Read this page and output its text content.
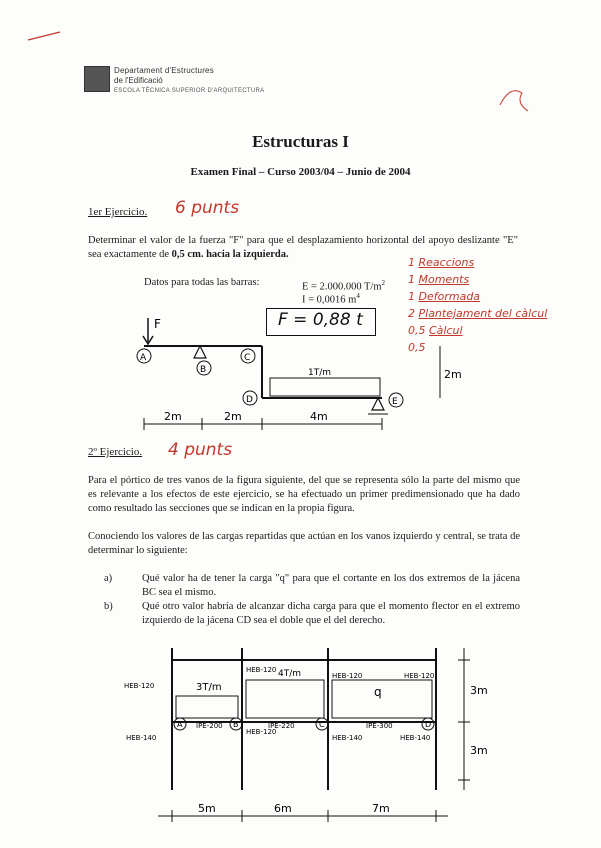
Departament d'Estructures
de l'Edificació
ESCOLA TÈCNICA SUPERIOR D'ARQUITECTURA
Estructuras I
Examen Final – Curso 2003/04 – Junio de 2004
1er Ejercicio. 6 punts
Determinar el valor de la fuerza "F" para que el desplazamiento horizontal del apoyo deslizante "E" sea exactamente de 0,5 cm. hacia la izquierda.
Datos para todas las barras:	E = 2.000.000 $T/m^2$
I = 0,0016 $m^4$
F = 0,88 t
1 Reaccions
1 Moments
1 Deformada
2 Plantejament del càlcul
0,5 Càlcul
0,5
F
1T/m
A
B
C
D	E
2m
2m	2m	4m
2º Ejercicio. 4 punts
Para el pórtico de tres vanos de la figura siguiente, del que se representa sólo la parte del mismo que es relevante a los efectos de este ejercicio, se ha efectuado un primer predimensionado que ha dado como resultado las secciones que se indican en la propia figura.
Conociendo los valores de las cargas repartidas que actúan en los vanos izquierdo y central, se trata de determinar lo siguiente:
a)	Qué valor ha de tener la carga "q" para que el cortante en los dos extremos de la jácena BC sea el mismo.
b)	Qué otro valor habría de alcanzar dicha carga para que el momento flector en el extremo izquierdo de la jácena CD sea el doble que el del derecho.
3T/m
4T/m
q
HEB-120
HEB-120
HEB-120	HEB-120
HEB-140
HEB-120
HEB-140	HEB-140
IPE-200	IPE-220	IPE-300
A	B	C	D
3m
3m
5m	6m	7m
